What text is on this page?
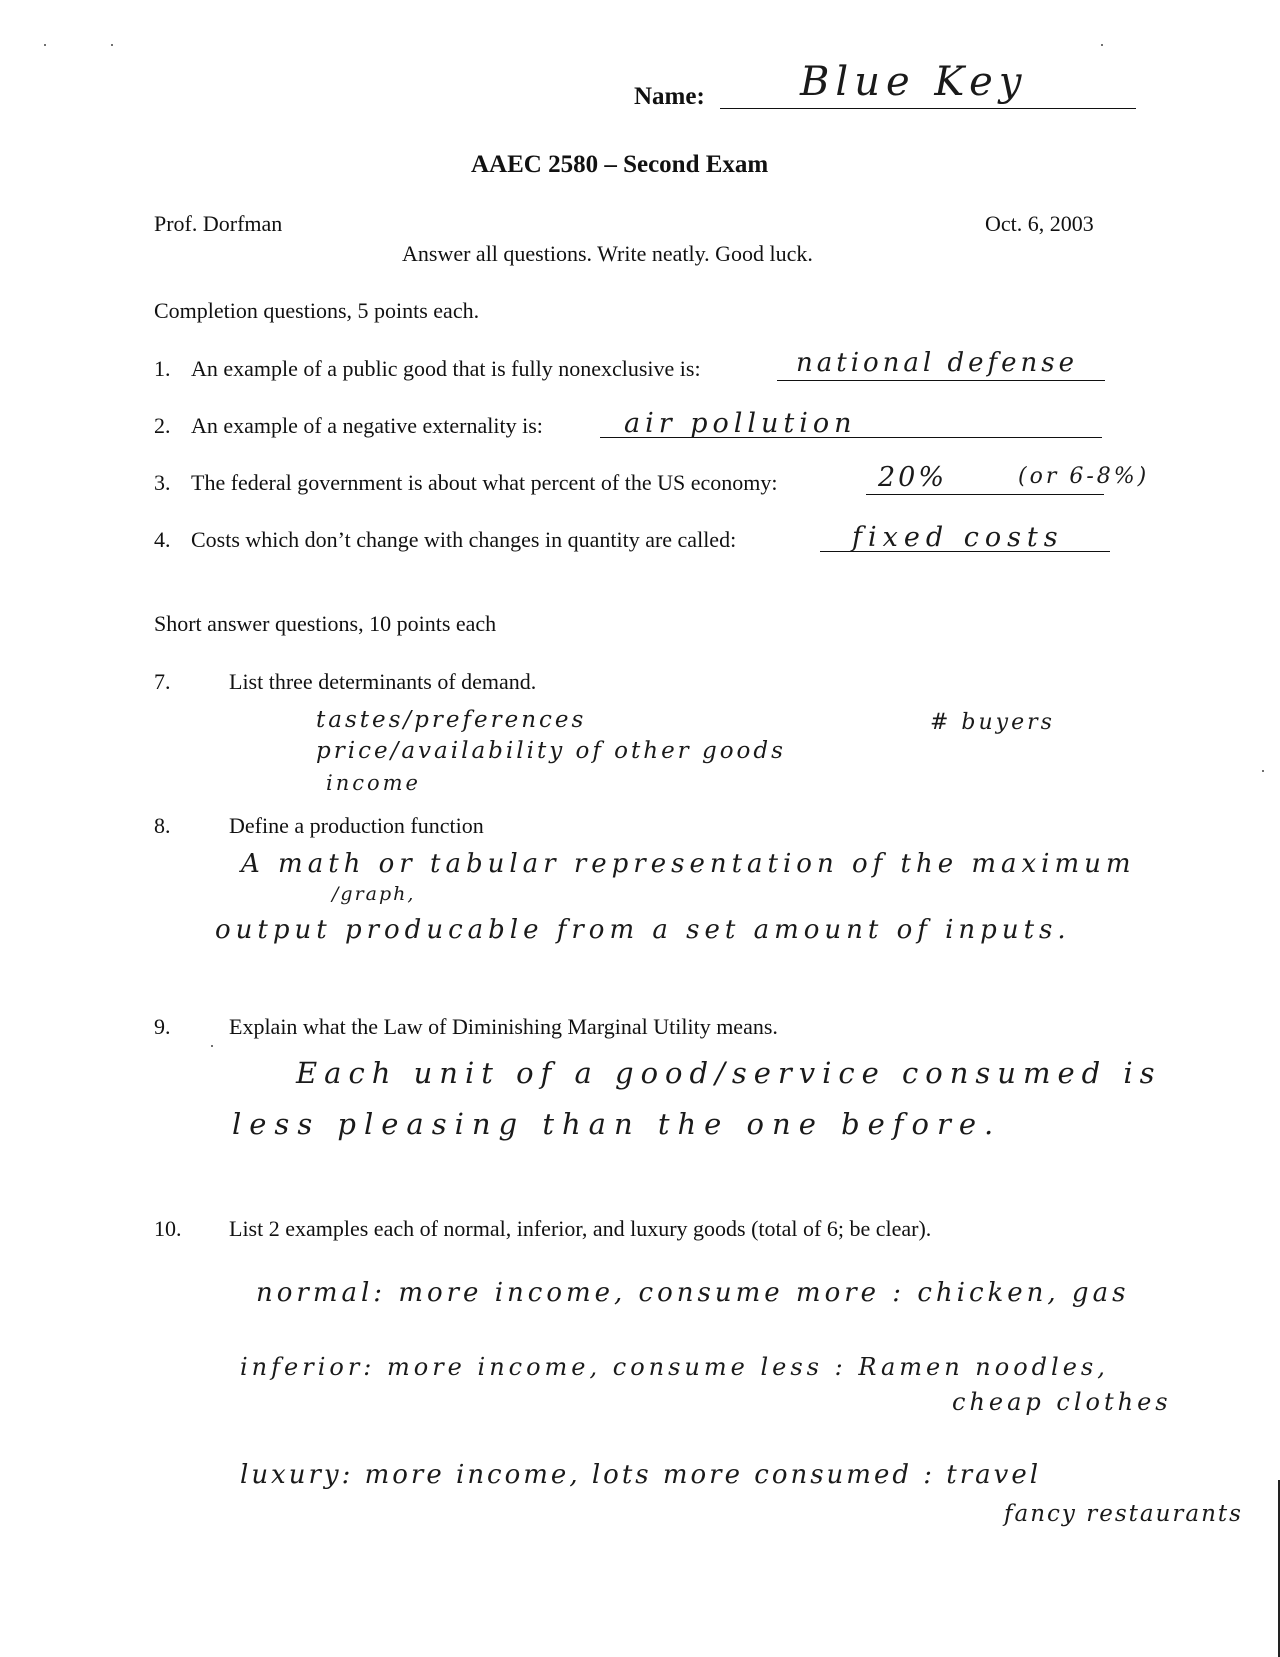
Name: Blue Key
AAEC 2580 – Second Exam
Prof. Dorfman	Oct. 6, 2003
Answer all questions. Write neatly. Good luck.
Completion questions, 5 points each.
1. An example of a public good that is fully nonexclusive is:	national defense
2. An example of a negative externality is:	air pollution
3. The federal government is about what percent of the US economy:	20%	(or 6-8%)
4. Costs which don’t change with changes in quantity are called:	fixed costs
Short answer questions, 10 points each
7.	List three determinants of demand.
tastes/preferences
price/availability of other goods
income
# buyers
8.	Define a production function
A math or tabular representation of the maximum
/graph,
output producable from a set amount of inputs.
9.	Explain what the Law of Diminishing Marginal Utility means.
Each unit of a good/service consumed is
less pleasing than the one before.
10. List 2 examples each of normal, inferior, and luxury goods (total of 6; be clear).
normal: more income, consume more : chicken, gas
inferior: more income, consume less : Ramen noodles,
cheap clothes
luxury: more income, lots more consumed : travel
fancy restaurants
